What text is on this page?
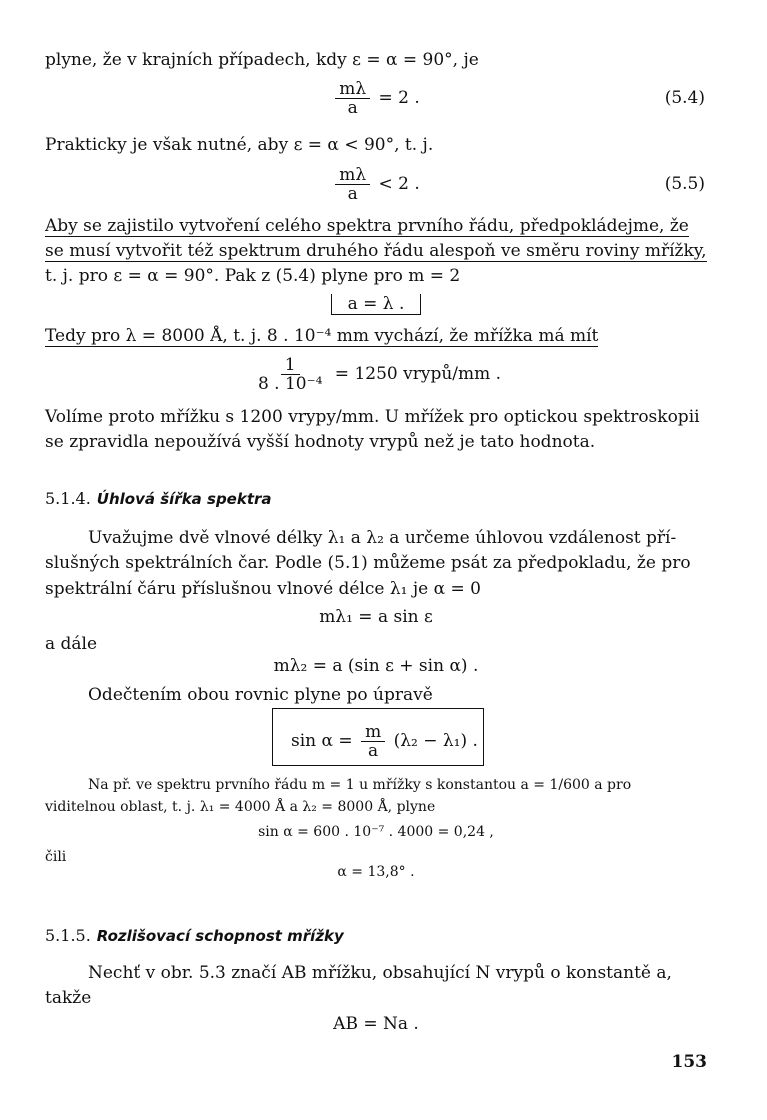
plyne, že v krajních případech, kdy ε = α = 90°, je
$\frac{m\lambda}{a} = 2$ .	(5.4)
Prakticky je však nutné, aby ε = α < 90°, t. j.
$\frac{m\lambda}{a} < 2$ .	(5.5)
Aby se zajistilo vytvoření celého spektra prvního řádu, předpokládejme, že
se musí vytvořit též spektrum druhého řádu alespoň ve směru roviny mřížky,
t. j. pro ε = α = 90°. Pak z (5.4) plyne pro m = 2
a = λ .
Tedy pro λ = 8000 Å, t. j. 8 . 10⁻⁴ mm vychází, že mřížka má mít
$\frac{1}{\text{8 . 10⁻⁴}} = 1250$ vrypů/mm .
Volíme proto mřížku s 1200 vrypy/mm. U mřížek pro optickou spektroskopii
se zpravidla nepoužívá vyšší hodnoty vrypů než je tato hodnota.
5.1.4. Úhlová šířka spektra
Uvažujme dvě vlnové délky λ₁ a λ₂ a určeme úhlovou vzdálenost pří-
slušných spektrálních čar. Podle (5.1) můžeme psát za předpokladu, že pro
spektrální čáru příslušnou vlnové délce λ₁ je α = 0
mλ₁ = a sin ε
a dále
mλ₂ = a (sin ε + sin α) .
Odečtením obou rovnic plyne po úpravě
$\sin \alpha = \frac{m}{a} (\lambda_2 - \lambda_1)$ .
Na př. ve spektru prvního řádu m = 1 u mřížky s konstantou a = 1/600 a pro
viditelnou oblast, t. j. λ₁ = 4000 Å a λ₂ = 8000 Å, plyne
sin α = 600 . 10⁻⁷ . 4000 = 0,24 ,
čili
α = 13,8° .
5.1.5. Rozlišovací schopnost mřížky
Nechť v obr. 5.3 značí AB mřížku, obsahující N vrypů o konstantě a,
takže
AB = Na .
153
